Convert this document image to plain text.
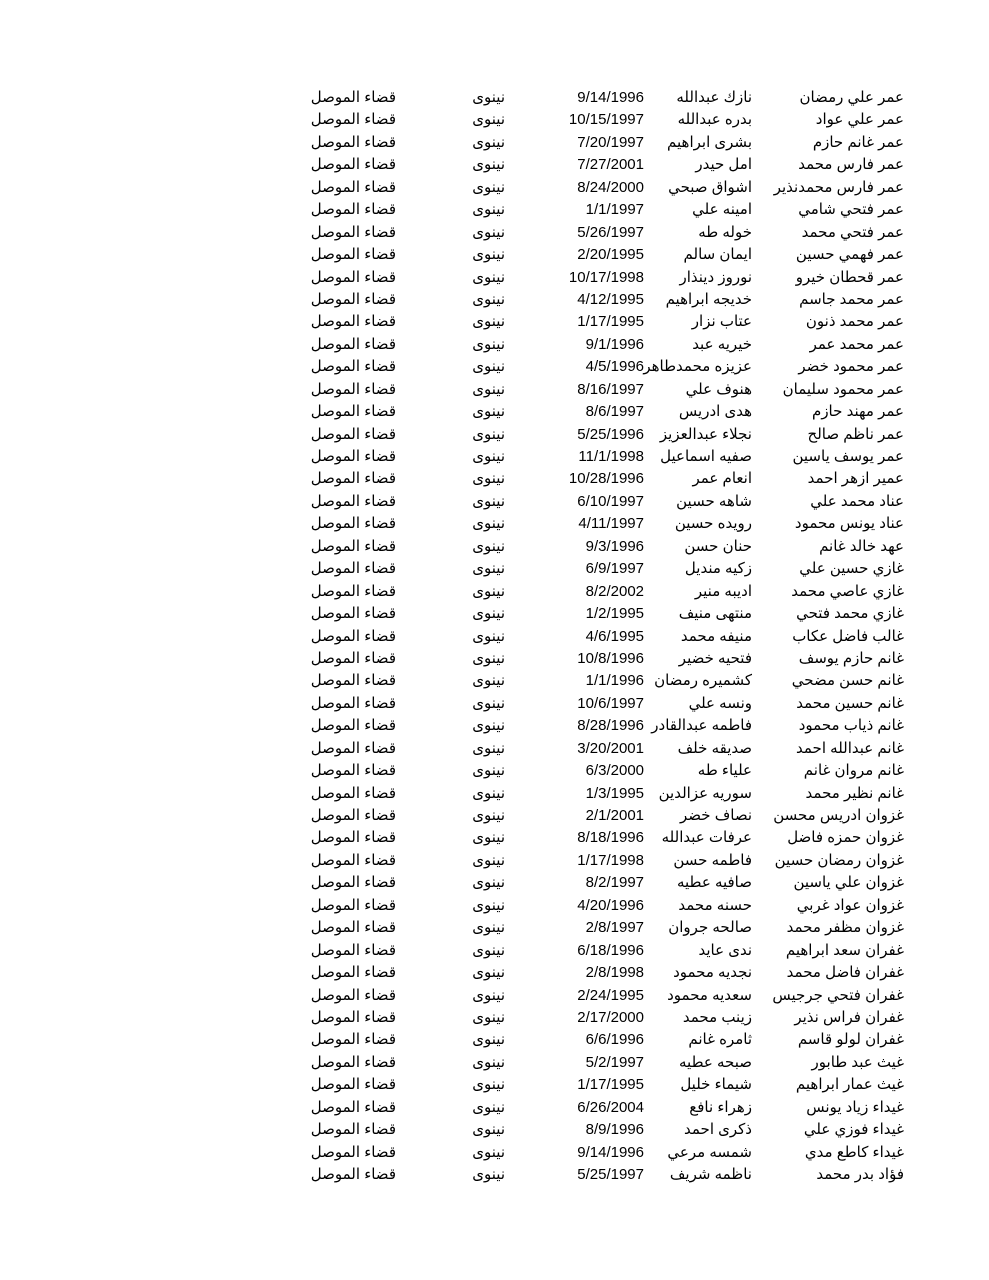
عمر علي رمضان
نازك عبدالله
9/14/1996
نينوى
قضاء الموصل
عمر علي عواد
بدره عبدالله
10/15/1997
نينوى
قضاء الموصل
عمر غانم حازم
بشرى ابراهيم
7/20/1997
نينوى
قضاء الموصل
عمر فارس محمد
امل حيدر
7/27/2001
نينوى
قضاء الموصل
عمر فارس محمدنذير
اشواق صبحي
8/24/2000
نينوى
قضاء الموصل
عمر فتحي شامي
امينه علي
1/1/1997
نينوى
قضاء الموصل
عمر فتحي محمد
خوله طه
5/26/1997
نينوى
قضاء الموصل
عمر فهمي حسين
ايمان سالم
2/20/1995
نينوى
قضاء الموصل
عمر قحطان خيرو
نوروز دينذار
10/17/1998
نينوى
قضاء الموصل
عمر محمد جاسم
خديجه ابراهيم
4/12/1995
نينوى
قضاء الموصل
عمر محمد ذنون
عتاب نزار
1/17/1995
نينوى
قضاء الموصل
عمر محمد عمر
خيريه عبد
9/1/1996
نينوى
قضاء الموصل
عمر محمود خضر
عزيزه محمدطاهر
4/5/1996
نينوى
قضاء الموصل
عمر محمود سليمان
هنوف علي
8/16/1997
نينوى
قضاء الموصل
عمر مهند حازم
هدى ادريس
8/6/1997
نينوى
قضاء الموصل
عمر ناظم صالح
نجلاء عبدالعزيز
5/25/1996
نينوى
قضاء الموصل
عمر يوسف ياسين
صفيه اسماعيل
11/1/1998
نينوى
قضاء الموصل
عمير ازهر احمد
انعام عمر
10/28/1996
نينوى
قضاء الموصل
عناد محمد علي
شاهه حسين
6/10/1997
نينوى
قضاء الموصل
عناد يونس محمود
رويده حسين
4/11/1997
نينوى
قضاء الموصل
عهد خالد غانم
حنان حسن
9/3/1996
نينوى
قضاء الموصل
غازي حسين علي
زكيه منديل
6/9/1997
نينوى
قضاء الموصل
غازي عاصي محمد
اديبه منير
8/2/2002
نينوى
قضاء الموصل
غازي محمد فتحي
منتهى منيف
1/2/1995
نينوى
قضاء الموصل
غالب فاضل عكاب
منيفه محمد
4/6/1995
نينوى
قضاء الموصل
غانم حازم يوسف
فتحيه خضير
10/8/1996
نينوى
قضاء الموصل
غانم حسن مضحي
كشميره رمضان
1/1/1996
نينوى
قضاء الموصل
غانم حسين محمد
ونسه علي
10/6/1997
نينوى
قضاء الموصل
غانم ذياب محمود
فاطمه عبدالقادر
8/28/1996
نينوى
قضاء الموصل
غانم عبدالله احمد
صديقه خلف
3/20/2001
نينوى
قضاء الموصل
غانم مروان غانم
علياء طه
6/3/2000
نينوى
قضاء الموصل
غانم نظير محمد
سوريه عزالدين
1/3/1995
نينوى
قضاء الموصل
غزوان ادريس محسن
نصاف خضر
2/1/2001
نينوى
قضاء الموصل
غزوان حمزه فاضل
عرفات عبدالله
8/18/1996
نينوى
قضاء الموصل
غزوان رمضان حسين
فاطمه حسن
1/17/1998
نينوى
قضاء الموصل
غزوان علي ياسين
صافيه عطيه
8/2/1997
نينوى
قضاء الموصل
غزوان عواد غربي
حسنه محمد
4/20/1996
نينوى
قضاء الموصل
غزوان مظفر محمد
صالحه جروان
2/8/1997
نينوى
قضاء الموصل
غفران سعد ابراهيم
ندى عايد
6/18/1996
نينوى
قضاء الموصل
غفران فاضل محمد
نجديه محمود
2/8/1998
نينوى
قضاء الموصل
غفران فتحي جرجيس
سعديه محمود
2/24/1995
نينوى
قضاء الموصل
غفران فراس نذير
زينب محمد
2/17/2000
نينوى
قضاء الموصل
غفران لولو قاسم
ثامره غانم
6/6/1996
نينوى
قضاء الموصل
غيث عبد طابور
صبحه عطيه
5/2/1997
نينوى
قضاء الموصل
غيث عمار ابراهيم
شيماء خليل
1/17/1995
نينوى
قضاء الموصل
غيداء زياد يونس
زهراء نافع
6/26/2004
نينوى
قضاء الموصل
غيداء فوزي علي
ذكرى احمد
8/9/1996
نينوى
قضاء الموصل
غيداء كاطع مدي
شمسه مرعي
9/14/1996
نينوى
قضاء الموصل
فؤاد بدر محمد
ناظمه شريف
5/25/1997
نينوى
قضاء الموصل
